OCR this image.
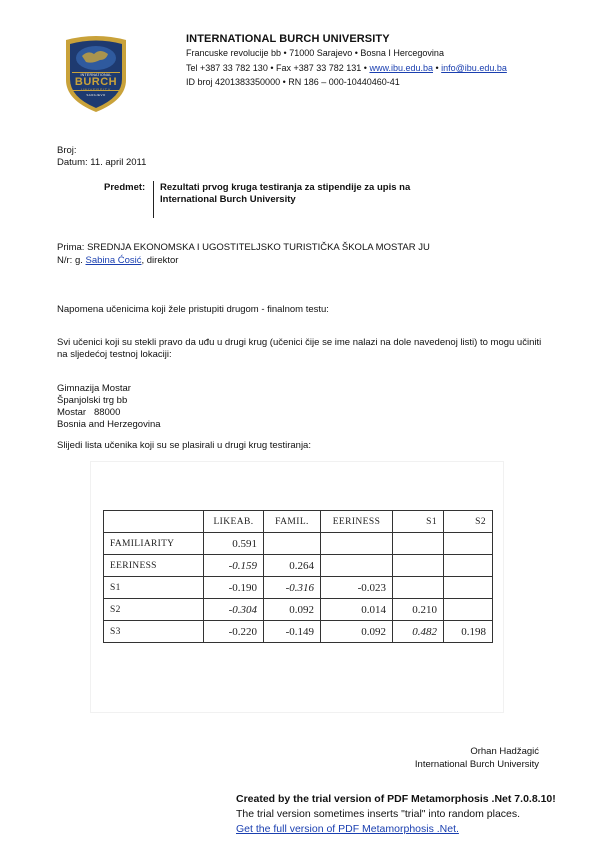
INTERNATIONAL
BURCH
UNIVERSITY
SARAJEVO
INTERNATIONAL BURCH UNIVERSITY
Francuske revolucije bb • 71000 Sarajevo • Bosna I Hercegovina
Tel +387 33 782 130 • Fax +387 33 782 131 • www.ibu.edu.ba • info@ibu.edu.ba
ID broj 4201383350000 • RN 186 – 000-10440460-41
Broj:
Datum: 11. april 2011
Predmet: Rezultati prvog kruga testiranja za stipendije za upis na International Burch University
Prima: SREDNJA EKONOMSKA I UGOSTITELJSKO TURISTIČKA ŠKOLA MOSTAR JU
N/r: g. Sabina Ćosić, direktor
Napomena učenicima koji žele pristupiti drugom - finalnom testu:
Svi učenici koji su stekli pravo da uđu u drugi krug (učenici čije se ime nalazi na dole navedenoj listi) to mogu učiniti na sljedećoj testnoj lokaciji:
Gimnazija Mostar
Španjolski trg bb
Mostar   88000
Bosnia and Herzegovina
Slijedi lista učenika koji su se plasirali u drugi krug testiranja:
	LIKEAB.	FAMIL.	EERINESS	S1	S2
FAMILIARITY	0.591				
EERINESS	-0.159	0.264			
S1	-0.190	-0.316	-0.023		
S2	-0.304	0.092	0.014	0.210	
S3	-0.220	-0.149	0.092	0.482	0.198
Orhan Hadžagić
International Burch University
Created by the trial version of PDF Metamorphosis .Net 7.0.8.10!
The trial version sometimes inserts "trial" into random places.
Get the full version of PDF Metamorphosis .Net.
